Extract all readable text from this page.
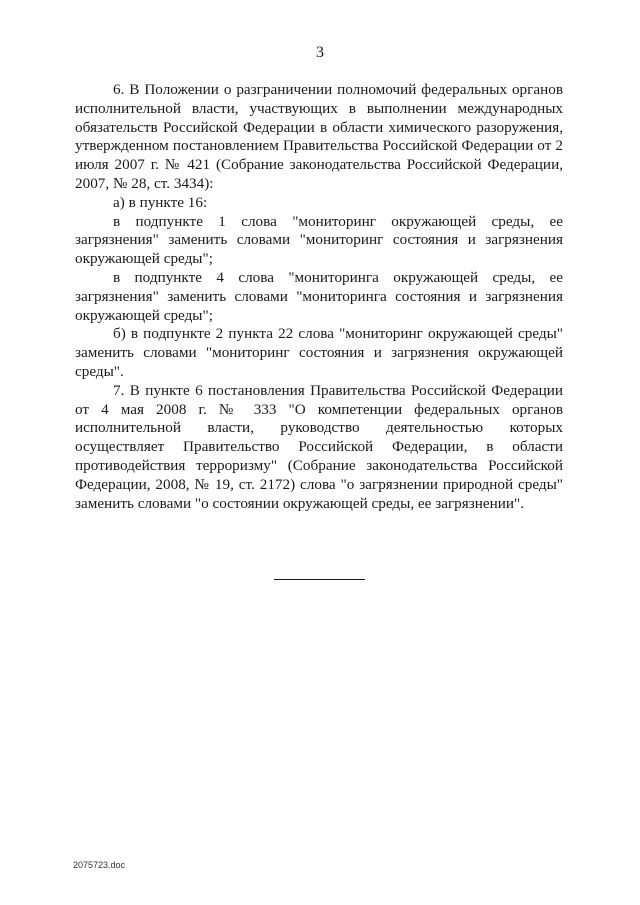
3

6. В Положении о разграничении полномочий федеральных органов исполнительной власти, участвующих в выполнении международных обязательств Российской Федерации в области химического разоружения, утвержденном постановлением Правительства Российской Федерации от 2 июля 2007 г. № 421 (Собрание законодательства Российской Федерации, 2007, № 28, ст. 3434):

а) в пункте 16:

в подпункте 1 слова "мониторинг окружающей среды, ее загрязнения" заменить словами "мониторинг состояния и загрязнения окружающей среды";

в подпункте 4 слова "мониторинга окружающей среды, ее загрязнения" заменить словами "мониторинга состояния и загрязнения окружающей среды";

б) в подпункте 2 пункта 22 слова "мониторинг окружающей среды" заменить словами "мониторинг состояния и загрязнения окружающей среды".

7. В пункте 6 постановления Правительства Российской Федерации от 4 мая 2008 г. № 333 "О компетенции федеральных органов исполнительной власти, руководство деятельностью которых осуществляет Правительство Российской Федерации, в области противодействия терроризму" (Собрание законодательства Российской Федерации, 2008, № 19, ст. 2172) слова "о загрязнении природной среды" заменить словами "о состоянии окружающей среды, ее загрязнении".

2075723.doc
